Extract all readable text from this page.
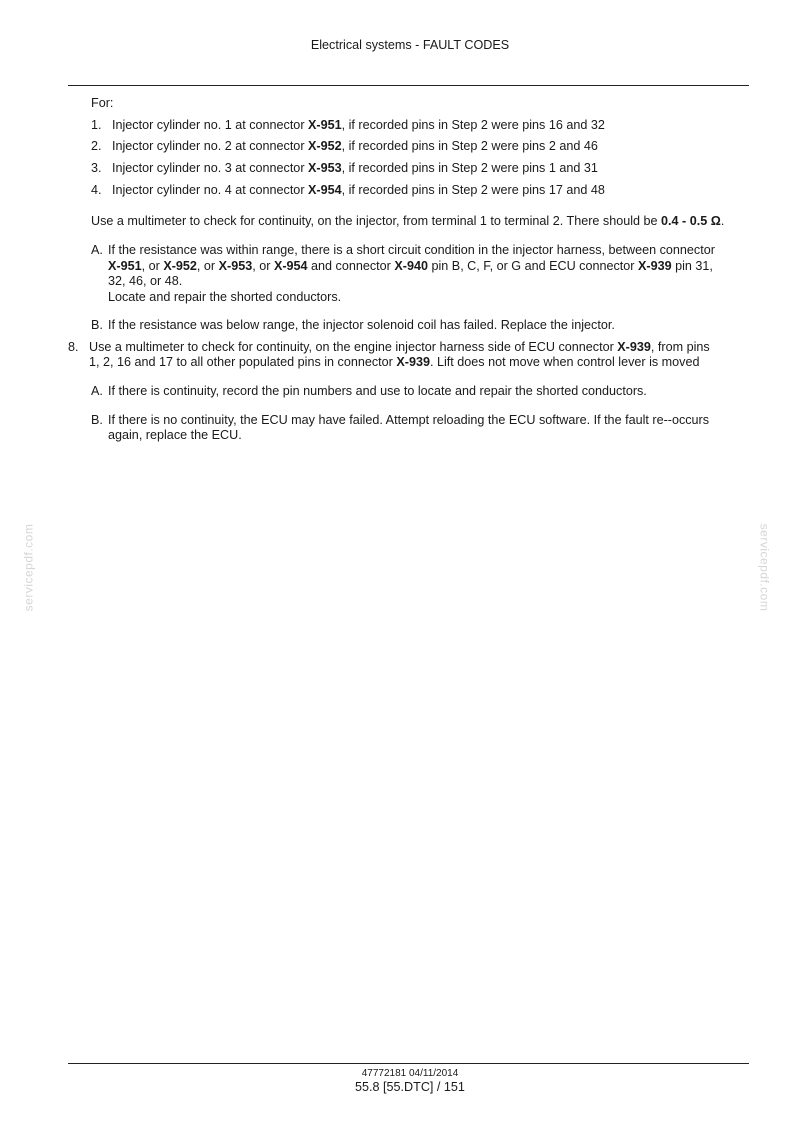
Electrical systems - FAULT CODES
For:
1. Injector cylinder no. 1 at connector X-951, if recorded pins in Step 2 were pins 16 and 32
2. Injector cylinder no. 2 at connector X-952, if recorded pins in Step 2 were pins 2 and 46
3. Injector cylinder no. 3 at connector X-953, if recorded pins in Step 2 were pins 1 and 31
4. Injector cylinder no. 4 at connector X-954, if recorded pins in Step 2 were pins 17 and 48
Use a multimeter to check for continuity, on the injector, from terminal 1 to terminal 2. There should be 0.4 - 0.5 Ω.
A. If the resistance was within range, there is a short circuit condition in the injector harness, between connector
X-951, or X-952, or X-953, or X-954 and connector X-940 pin B, C, F, or G and ECU connector X-939 pin 31,
32, 46, or 48.
Locate and repair the shorted conductors.
B. If the resistance was below range, the injector solenoid coil has failed. Replace the injector.
8. Use a multimeter to check for continuity, on the engine injector harness side of ECU connector X-939, from pins
1, 2, 16 and 17 to all other populated pins in connector X-939. Lift does not move when control lever is moved
A. If there is continuity, record the pin numbers and use to locate and repair the shorted conductors.
B. If there is no continuity, the ECU may have failed. Attempt reloading the ECU software. If the fault re--occurs
again, replace the ECU.
servicepdf.com	servicepdf.com
47772181 04/11/2014
55.8 [55.DTC] / 151
